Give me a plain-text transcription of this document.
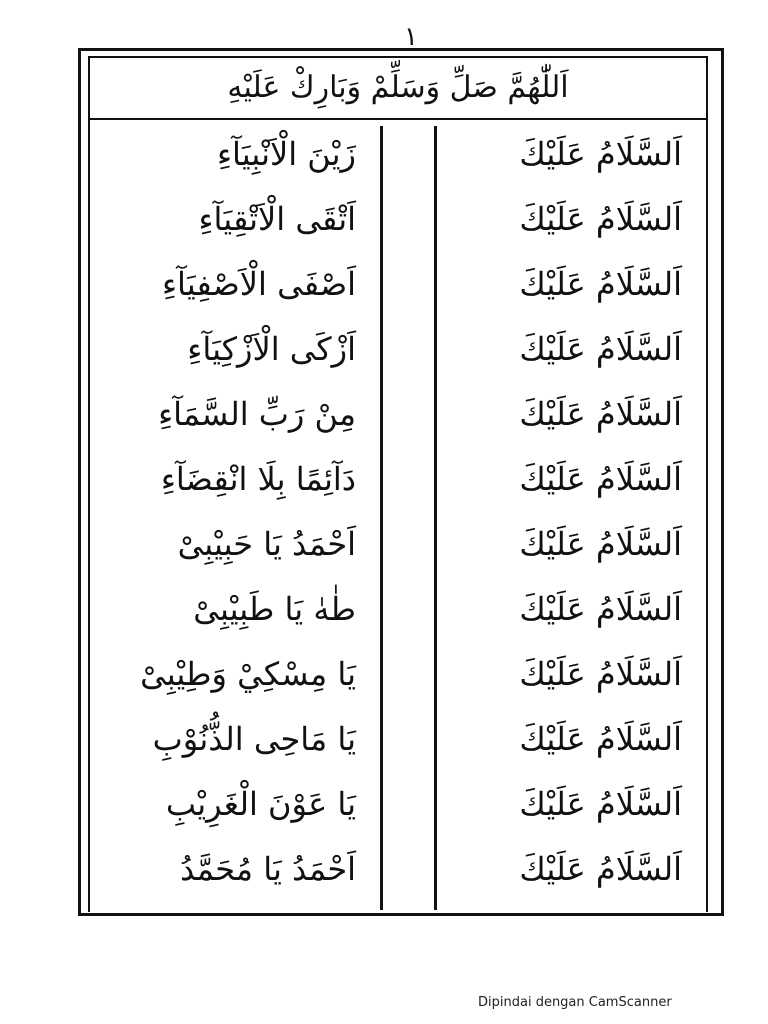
١
اَللّٰهُمَّ صَلِّ وَسَلِّمْ وَبَارِكْ عَلَيْهِ
زَيْنَ الْاَنْبِيَآءِ
اَتْقَى الْاَتْقِيَآءِ
اَصْفَى الْاَصْفِيَآءِ
اَزْكَى الْاَزْكِيَآءِ
مِنْ رَبِّ السَّمَآءِ
دَآئِمًا بِلَا انْقِضَآءِ
اَحْمَدُ يَا حَبِيْبِىْ
طٰهٰ يَا طَبِيْبِىْ
يَا مِسْكِيْ وَطِيْبِىْ
يَا مَاحِى الذُّنُوْبِ
يَا عَوْنَ الْغَرِيْبِ
اَحْمَدُ يَا مُحَمَّدُ
اَلسَّلَامُ عَلَيْكَ
اَلسَّلَامُ عَلَيْكَ
اَلسَّلَامُ عَلَيْكَ
اَلسَّلَامُ عَلَيْكَ
اَلسَّلَامُ عَلَيْكَ
اَلسَّلَامُ عَلَيْكَ
اَلسَّلَامُ عَلَيْكَ
اَلسَّلَامُ عَلَيْكَ
اَلسَّلَامُ عَلَيْكَ
اَلسَّلَامُ عَلَيْكَ
اَلسَّلَامُ عَلَيْكَ
اَلسَّلَامُ عَلَيْكَ
Dipindai dengan CamScanner
